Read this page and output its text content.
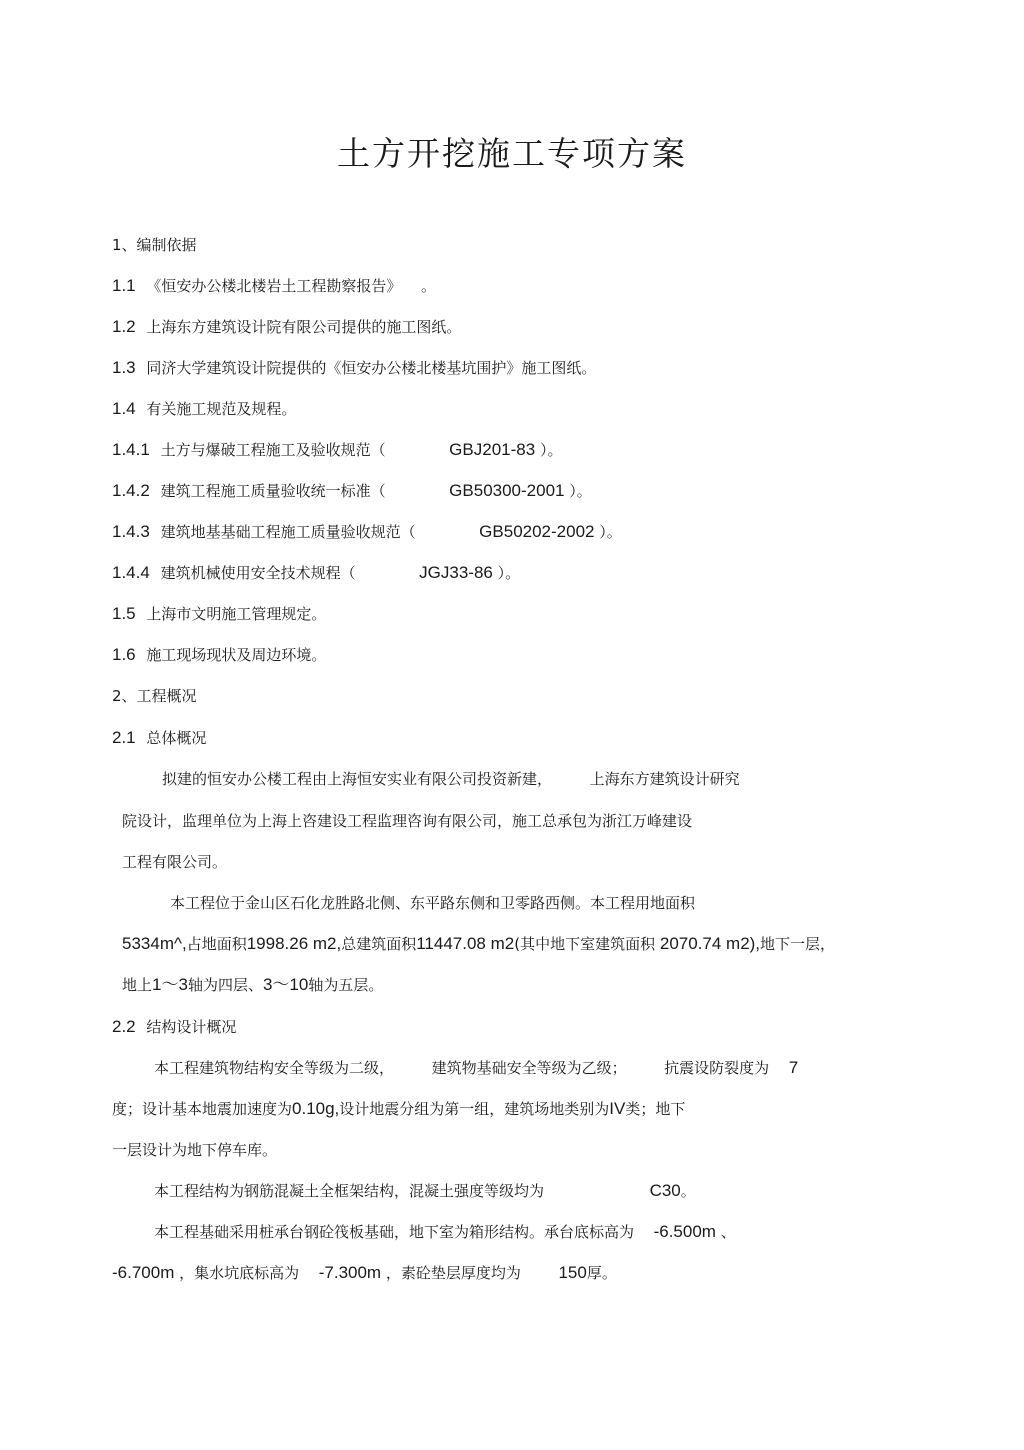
土方开挖施工专项方案
1、编制依据
1.1 《恒安办公楼北楼岩土工程勘察报告》 。
1.2 上海东方建筑设计院有限公司提供的施工图纸。
1.3 同济大学建筑设计院提供的《恒安办公楼北楼基坑围护》施工图纸。
1.4 有关施工规范及规程。
1.4.1 土方与爆破工程施工及验收规范（	GBJ201-83 ）。
1.4.2 建筑工程施工质量验收统一标准（	GB50300-2001 ）。
1.4.3 建筑地基基础工程施工质量验收规范（	GB50202-2002 ）。
1.4.4 建筑机械使用安全技术规程（	JGJ33-86 ）。
1.5 上海市文明施工管理规定。
1.6 施工现场现状及周边环境。
2、工程概况
2.1 总体概况
拟建的恒安办公楼工程由上海恒安实业有限公司投资新建，	上海东方建筑设计研究
院设计，监理单位为上海上咨建设工程监理咨询有限公司，施工总承包为浙江万峰建设
工程有限公司。
本工程位于金山区石化龙胜路北侧、东平路东侧和卫零路西侧。本工程用地面积
5334m^,占地面积1998.26 m2,总建筑面积11447.08 m2(其中地下室建筑面积 2070.74 m2),地下一层，
地上1〜3轴为四层、3〜10轴为五层。
2.2 结构设计概况
本工程建筑物结构安全等级为二级，	建筑物基础安全等级为乙级；	抗震设防裂度为 7
度；设计基本地震加速度为0.10g,设计地震分组为第一组，建筑场地类别为IV类；地下
一层设计为地下停车库。
本工程结构为钢筋混凝土全框架结构，混凝土强度等级均为	C30。
本工程基础采用桩承台钢砼筏板基础，地下室为箱形结构。承台底标高为 -6.500m 、
-6.700m ，集水坑底标高为 -7.300m ，素砼垫层厚度均为 150厚。
